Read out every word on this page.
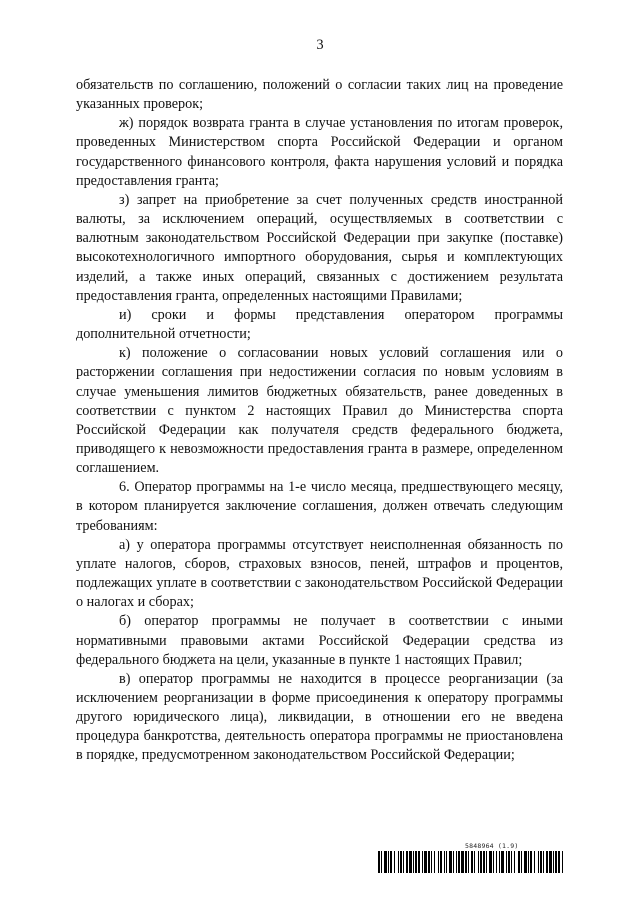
3

обязательств по соглашению, положений о согласии таких лиц на проведение указанных проверок;

ж) порядок возврата гранта в случае установления по итогам проверок, проведенных Министерством спорта Российской Федерации и органом государственного финансового контроля, факта нарушения условий и порядка предоставления гранта;

з) запрет на приобретение за счет полученных средств иностранной валюты, за исключением операций, осуществляемых в соответствии с валютным законодательством Российской Федерации при закупке (поставке) высокотехнологичного импортного оборудования, сырья и комплектующих изделий, а также иных операций, связанных с достижением результата предоставления гранта, определенных настоящими Правилами;

и) сроки и формы представления оператором программы дополнительной отчетности;

к) положение о согласовании новых условий соглашения или о расторжении соглашения при недостижении согласия по новым условиям в случае уменьшения лимитов бюджетных обязательств, ранее доведенных в соответствии с пунктом 2 настоящих Правил до Министерства спорта Российской Федерации как получателя средств федерального бюджета, приводящего к невозможности предоставления гранта в размере, определенном соглашением.

6. Оператор программы на 1-е число месяца, предшествующего месяцу, в котором планируется заключение соглашения, должен отвечать следующим требованиям:

а) у оператора программы отсутствует неисполненная обязанность по уплате налогов, сборов, страховых взносов, пеней, штрафов и процентов, подлежащих уплате в соответствии с законодательством Российской Федерации о налогах и сборах;

б) оператор программы не получает в соответствии с иными нормативными правовыми актами Российской Федерации средства из федерального бюджета на цели, указанные в пункте 1 настоящих Правил;

в) оператор программы не находится в процессе реорганизации (за исключением реорганизации в форме присоединения к оператору программы другого юридического лица), ликвидации, в отношении его не введена процедура банкротства, деятельность оператора программы не приостановлена в порядке, предусмотренном законодательством Российской Федерации;

5848964 (1.9)
